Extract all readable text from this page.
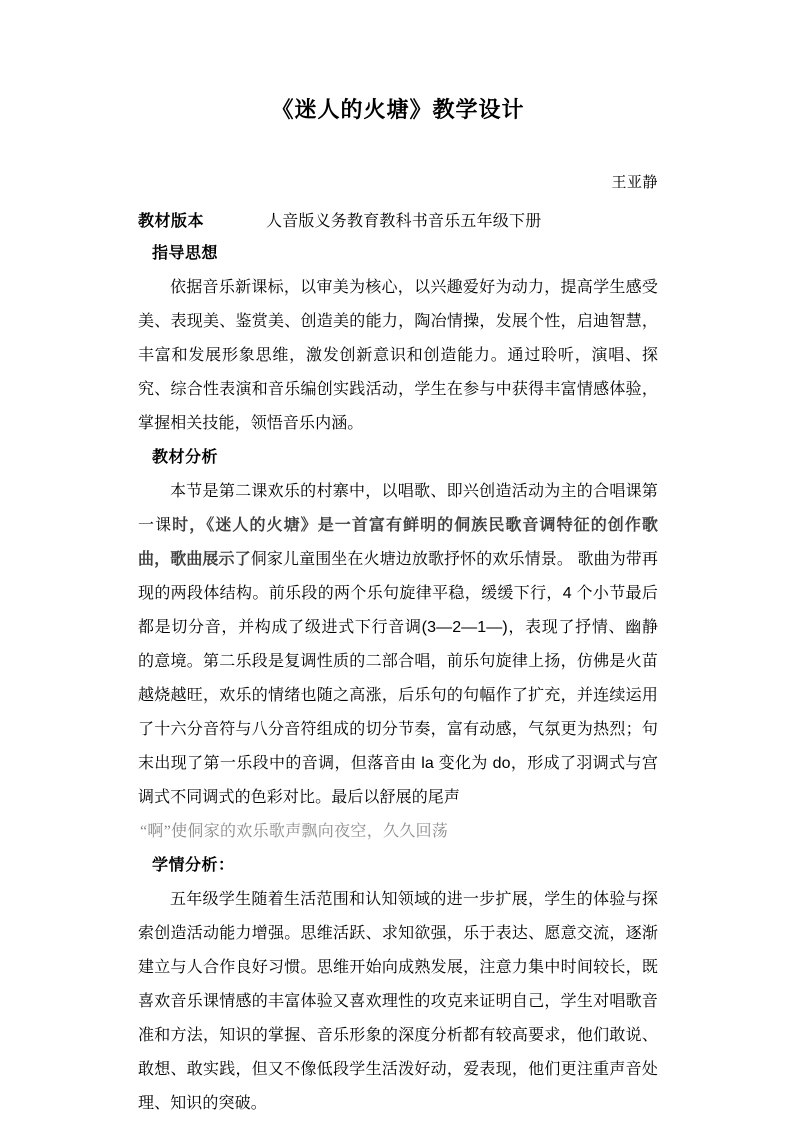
《迷人的火塘》教学设计
王亚静
教材版本	人音版义务教育教科书音乐五年级下册
指导思想

依据音乐新课标，以审美为核心，以兴趣爱好为动力，提高学生感受美、表现美、鉴赏美、创造美的能力，陶冶情操，发展个性，启迪智慧，丰富和发展形象思维，激发创新意识和创造能力。通过聆听，演唱、探究、综合性表演和音乐编创实践活动，学生在参与中获得丰富情感体验，掌握相关技能，领悟音乐内涵。

教材分析

本节是第二课欢乐的村寨中，以唱歌、即兴创造活动为主的合唱课第一课时，《迷人的火塘》是一首富有鲜明的侗族民歌音调特征的创作歌曲，歌曲展示了侗家儿童围坐在火塘边放歌抒怀的欢乐情景。 歌曲为带再现的两段体结构。前乐段的两个乐句旋律平稳，缓缓下行，4 个小节最后都是切分音，并构成了级进式下行音调(3—2—1—)，表现了抒情、幽静的意境。第二乐段是复调性质的二部合唱，前乐句旋律上扬，仿佛是火苗越烧越旺，欢乐的情绪也随之高涨，后乐句的句幅作了扩充，并连续运用了十六分音符与八分音符组成的切分节奏，富有动感，气氛更为热烈；句末出现了第一乐段中的音调，但落音由 la 变化为 do，形成了羽调式与宫调式不同调式的色彩对比。最后以舒展的尾声

“啊”使侗家的欢乐歌声飘向夜空，久久回荡

学情分析：

五年级学生随着生活范围和认知领域的进一步扩展，学生的体验与探索创造活动能力增强。思维活跃、求知欲强，乐于表达、愿意交流，逐渐建立与人合作良好习惯。思维开始向成熟发展，注意力集中时间较长，既喜欢音乐课情感的丰富体验又喜欢理性的攻克来证明自己，学生对唱歌音准和方法，知识的掌握、音乐形象的深度分析都有较高要求，他们敢说、敢想、敢实践，但又不像低段学生活泼好动，爱表现，他们更注重声音处理、知识的突破。
